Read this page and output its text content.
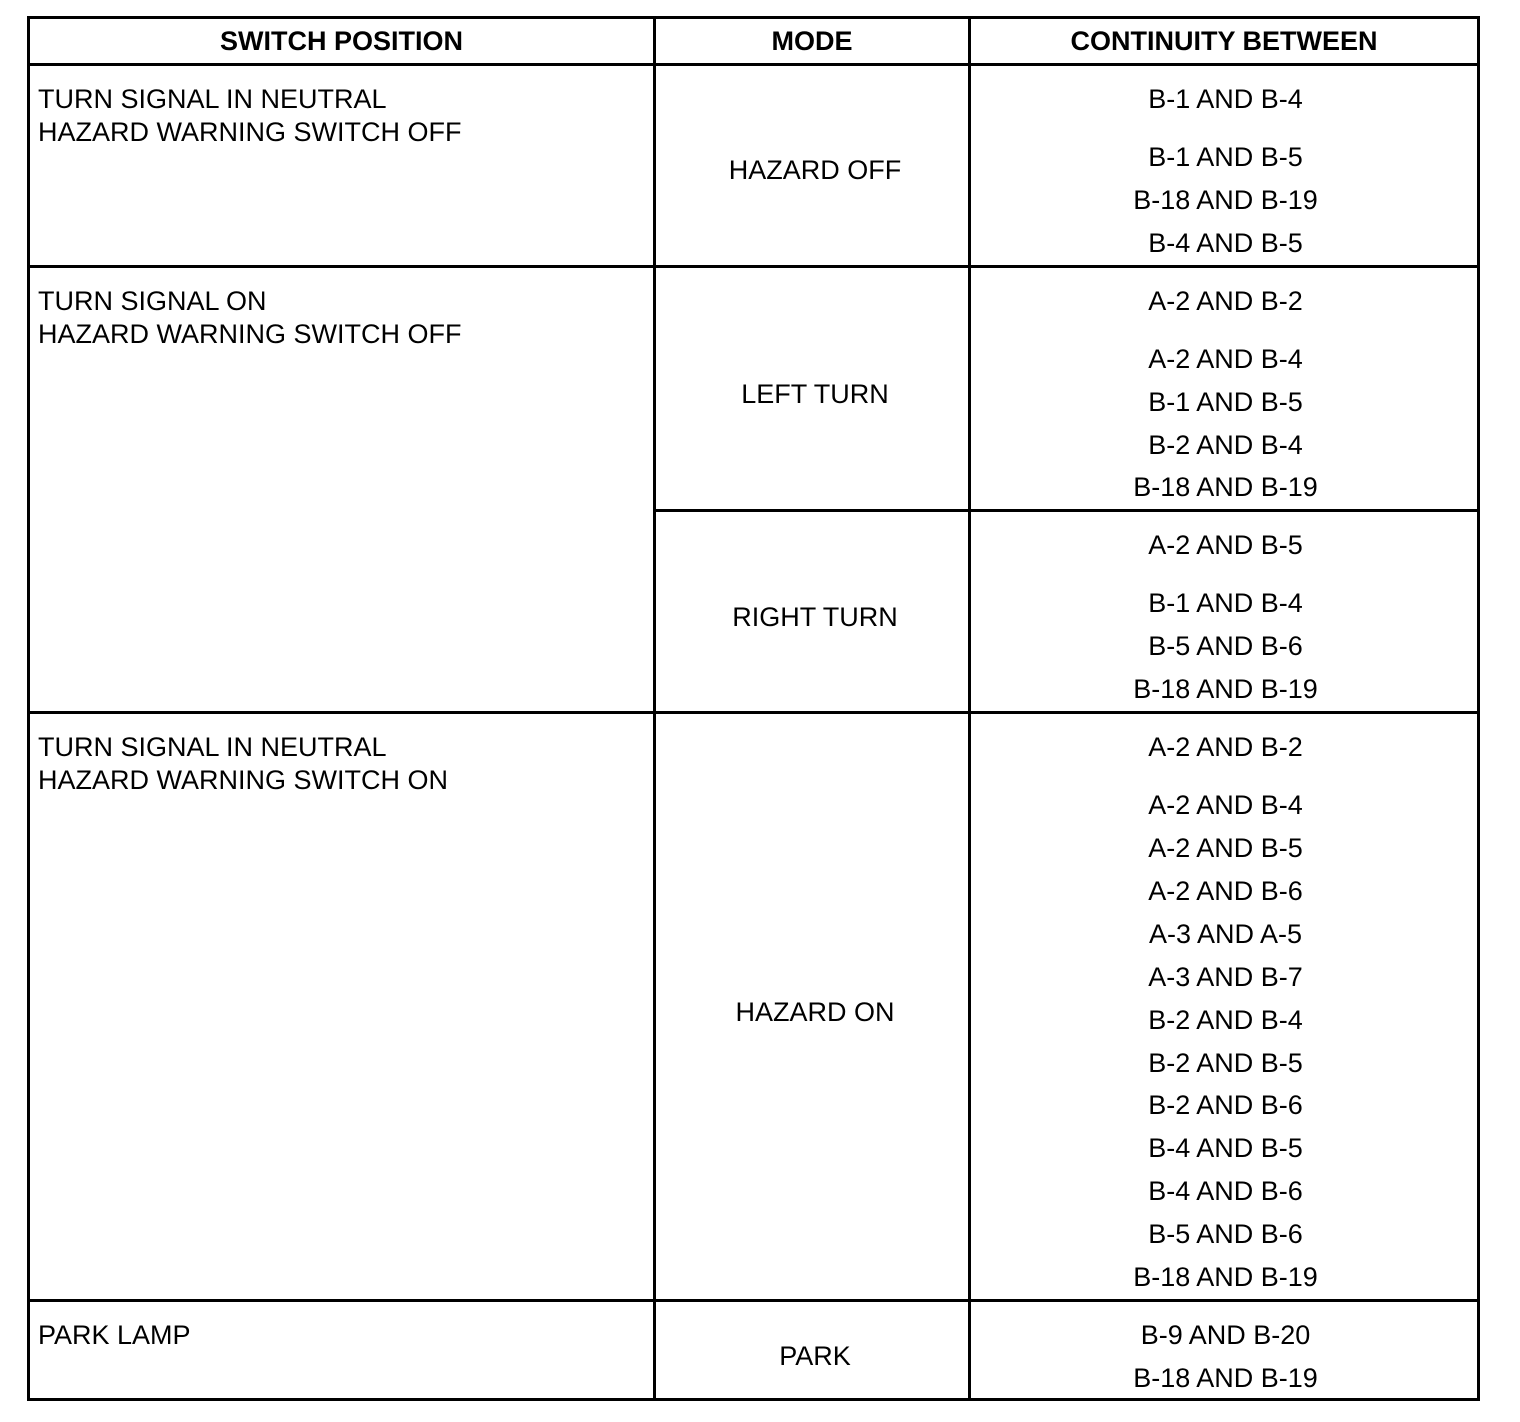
SWITCH POSITION	MODE	CONTINUITY BETWEEN
TURN SIGNAL IN NEUTRAL
HAZARD WARNING SWITCH OFF
HAZARD OFF
B-1 AND B-4
B-1 AND B-5
B-18 AND B-19
B-4 AND B-5
A-2 AND B-2
A-2 AND B-4
B-1 AND B-5
B-2 AND B-4
B-18 AND B-19
A-2 AND B-5
B-1 AND B-4
B-5 AND B-6
B-18 AND B-19
A-2 AND B-2
A-2 AND B-4
A-2 AND B-5
A-2 AND B-6
A-3 AND A-5
A-3 AND B-7
B-2 AND B-4
B-2 AND B-5
B-2 AND B-6
B-4 AND B-5
B-4 AND B-6
B-5 AND B-6
B-18 AND B-19
B-9 AND B-20
B-18 AND B-19
TURN SIGNAL ON
HAZARD WARNING SWITCH OFF
LEFT TURN
RIGHT TURN
TURN SIGNAL IN NEUTRAL
HAZARD WARNING SWITCH ON
HAZARD ON
PARK LAMP
PARK
